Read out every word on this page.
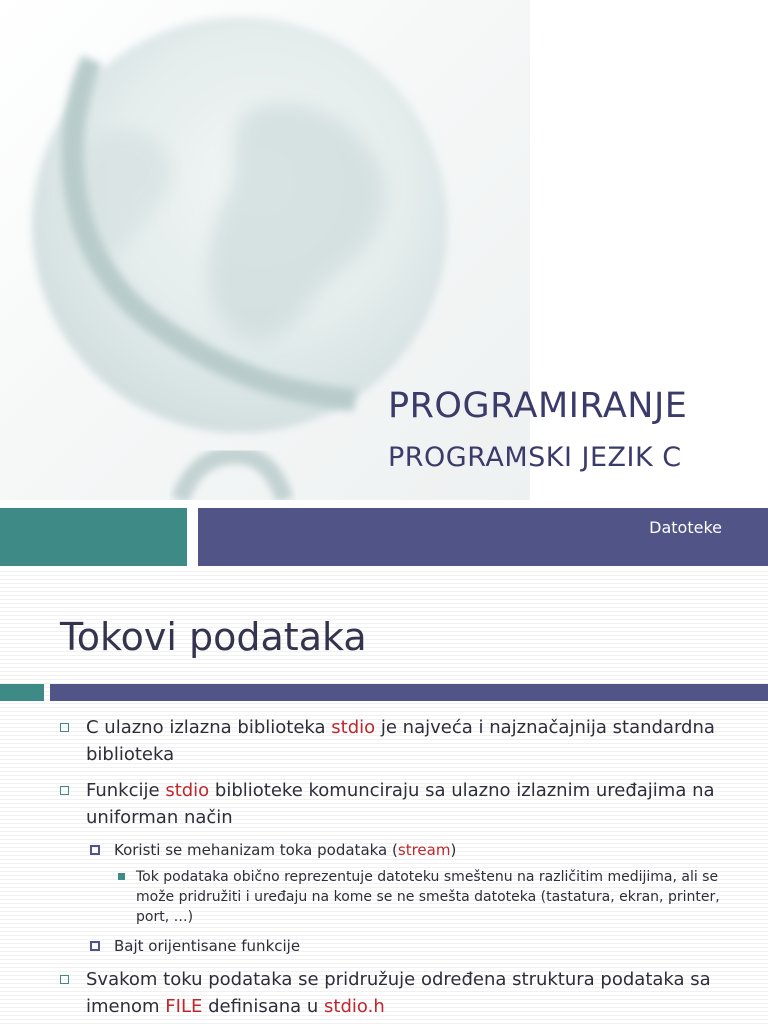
PROGRAMIRANJE
PROGRAMSKI JEZIK C
Datoteke
Tokovi podataka
C ulazno izlazna biblioteka stdio je najveća i najznačajnija standardna biblioteka
Funkcije stdio biblioteke komunciraju sa ulazno izlaznim uređajima na uniforman način
Koristi se mehanizam toka podataka (stream)
Tok podataka obično reprezentuje datoteku smeštenu na različitim medijima, ali se može pridružiti i uređaju na kome se ne smešta datoteka (tastatura, ekran, printer, port, …)
Bajt orijentisane funkcije
Svakom toku podataka se pridružuje određena struktura podataka sa imenom FILE definisana u stdio.h
